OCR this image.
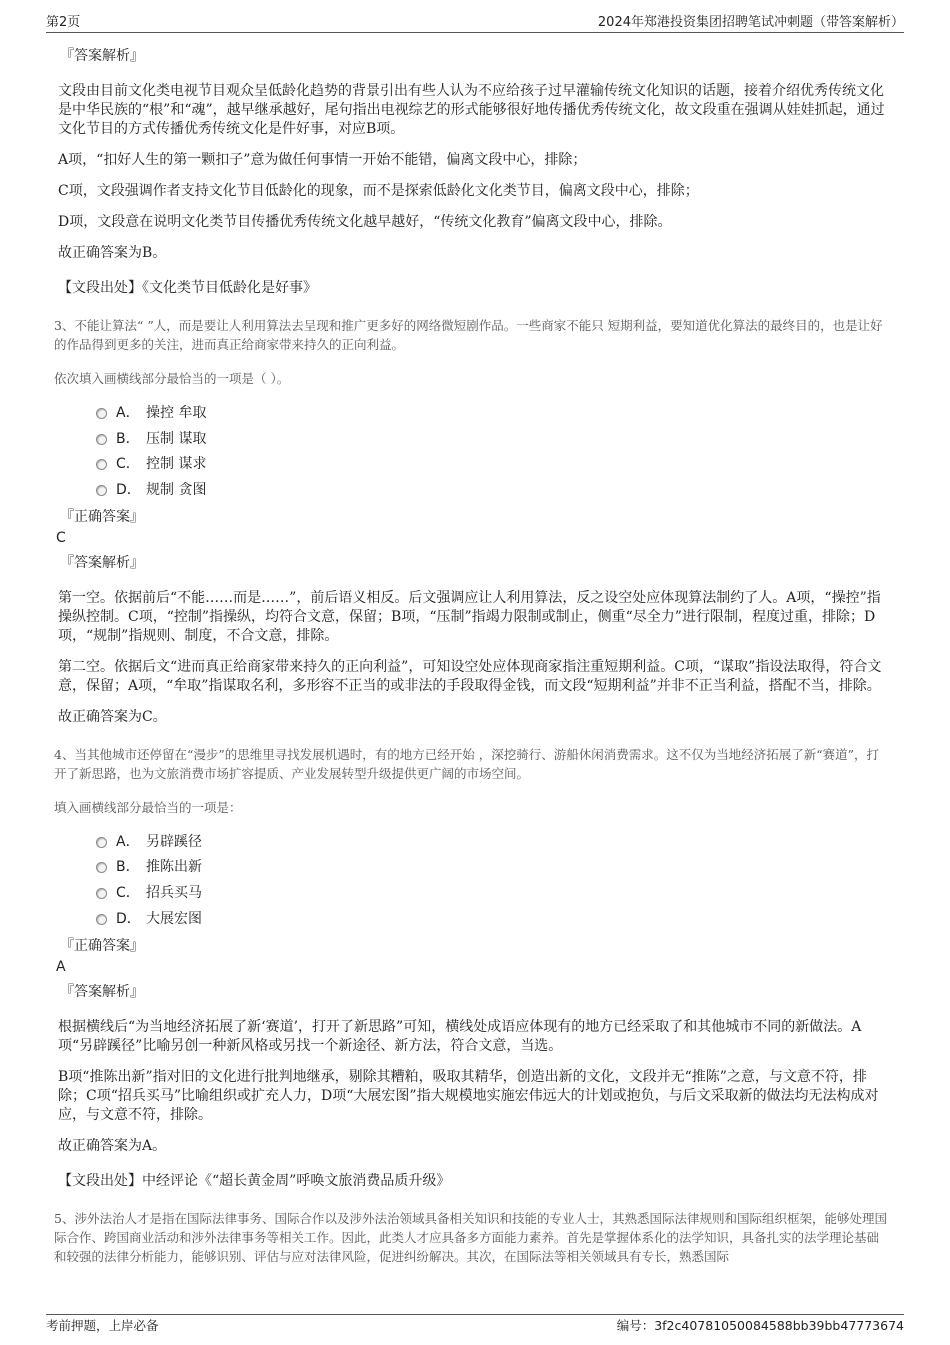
第2页	2024年郑港投资集团招聘笔试冲刺题（带答案解析）
『答案解析』
文段由目前文化类电视节目观众呈低龄化趋势的背景引出有些人认为不应给孩子过早灌输传统文化知识的话题，接着介绍优秀传统文化是中华民族的“根”和“魂”，越早继承越好，尾句指出电视综艺的形式能够很好地传播优秀传统文化，故文段重在强调从娃娃抓起，通过文化节目的方式传播优秀传统文化是件好事，对应B项。
A项，“扣好人生的第一颗扣子”意为做任何事情一开始不能错，偏离文段中心，排除；
C项，文段强调作者支持文化节目低龄化的现象，而不是探索低龄化文化类节目，偏离文段中心，排除；
D项，文段意在说明文化类节目传播优秀传统文化越早越好，“传统文化教育”偏离文段中心，排除。
故正确答案为B。
【文段出处】《文化类节目低龄化是好事》
3、不能让算法“ ”人，而是要让人利用算法去呈现和推广更多好的网络微短剧作品。一些商家不能只 短期利益，要知道优化算法的最终目的，也是让好的作品得到更多的关注，进而真正给商家带来持久的正向利益。
依次填入画横线部分最恰当的一项是（ ）。
A． 操控 牟取
B． 压制 谋取
C． 控制 谋求
D． 规制 贪图
『正确答案』
C
『答案解析』
第一空。依据前后“不能……而是……”，前后语义相反。后文强调应让人利用算法，反之设空处应体现算法制约了人。A项，“操控”指操纵控制。C项，“控制”指操纵，均符合文意，保留；B项，“压制”指竭力限制或制止，侧重“尽全力”进行限制，程度过重，排除；D项，“规制”指规则、制度，不合文意，排除。
第二空。依据后文“进而真正给商家带来持久的正向利益”，可知设空处应体现商家指注重短期利益。C项，“谋取”指设法取得，符合文意，保留；A项，“牟取”指谋取名利，多形容不正当的或非法的手段取得金钱，而文段“短期利益”并非不正当利益，搭配不当，排除。
故正确答案为C。
4、当其他城市还停留在“漫步”的思维里寻找发展机遇时，有的地方已经开始 ，深挖骑行、游船休闲消费需求。这不仅为当地经济拓展了新“赛道”，打开了新思路，也为文旅消费市场扩容提质、产业发展转型升级提供更广阔的市场空间。
填入画横线部分最恰当的一项是：
A． 另辟蹊径
B． 推陈出新
C． 招兵买马
D． 大展宏图
『正确答案』
A
『答案解析』
根据横线后“为当地经济拓展了新‘赛道’，打开了新思路”可知，横线处成语应体现有的地方已经采取了和其他城市不同的新做法。A项“另辟蹊径”比喻另创一种新风格或另找一个新途径、新方法，符合文意，当选。
B项“推陈出新”指对旧的文化进行批判地继承，剔除其糟粕，吸取其精华，创造出新的文化，文段并无“推陈”之意，与文意不符，排除；C项“招兵买马”比喻组织或扩充人力，D项“大展宏图”指大规模地实施宏伟远大的计划或抱负，与后文采取新的做法均无法构成对应，与文意不符，排除。
故正确答案为A。
【文段出处】中经评论《“超长黄金周”呼唤文旅消费品质升级》
5、涉外法治人才是指在国际法律事务、国际合作以及涉外法治领域具备相关知识和技能的专业人士，其熟悉国际法律规则和国际组织框架，能够处理国际合作、跨国商业活动和涉外法律事务等相关工作。因此，此类人才应具备多方面能力素养。首先是掌握体系化的法学知识，具备扎实的法学理论基础和较强的法律分析能力，能够识别、评估与应对法律风险，促进纠纷解决。其次，在国际法等相关领域具有专长，熟悉国际
考前押题，上岸必备	编号：3f2c40781050084588bb39bb47773674
